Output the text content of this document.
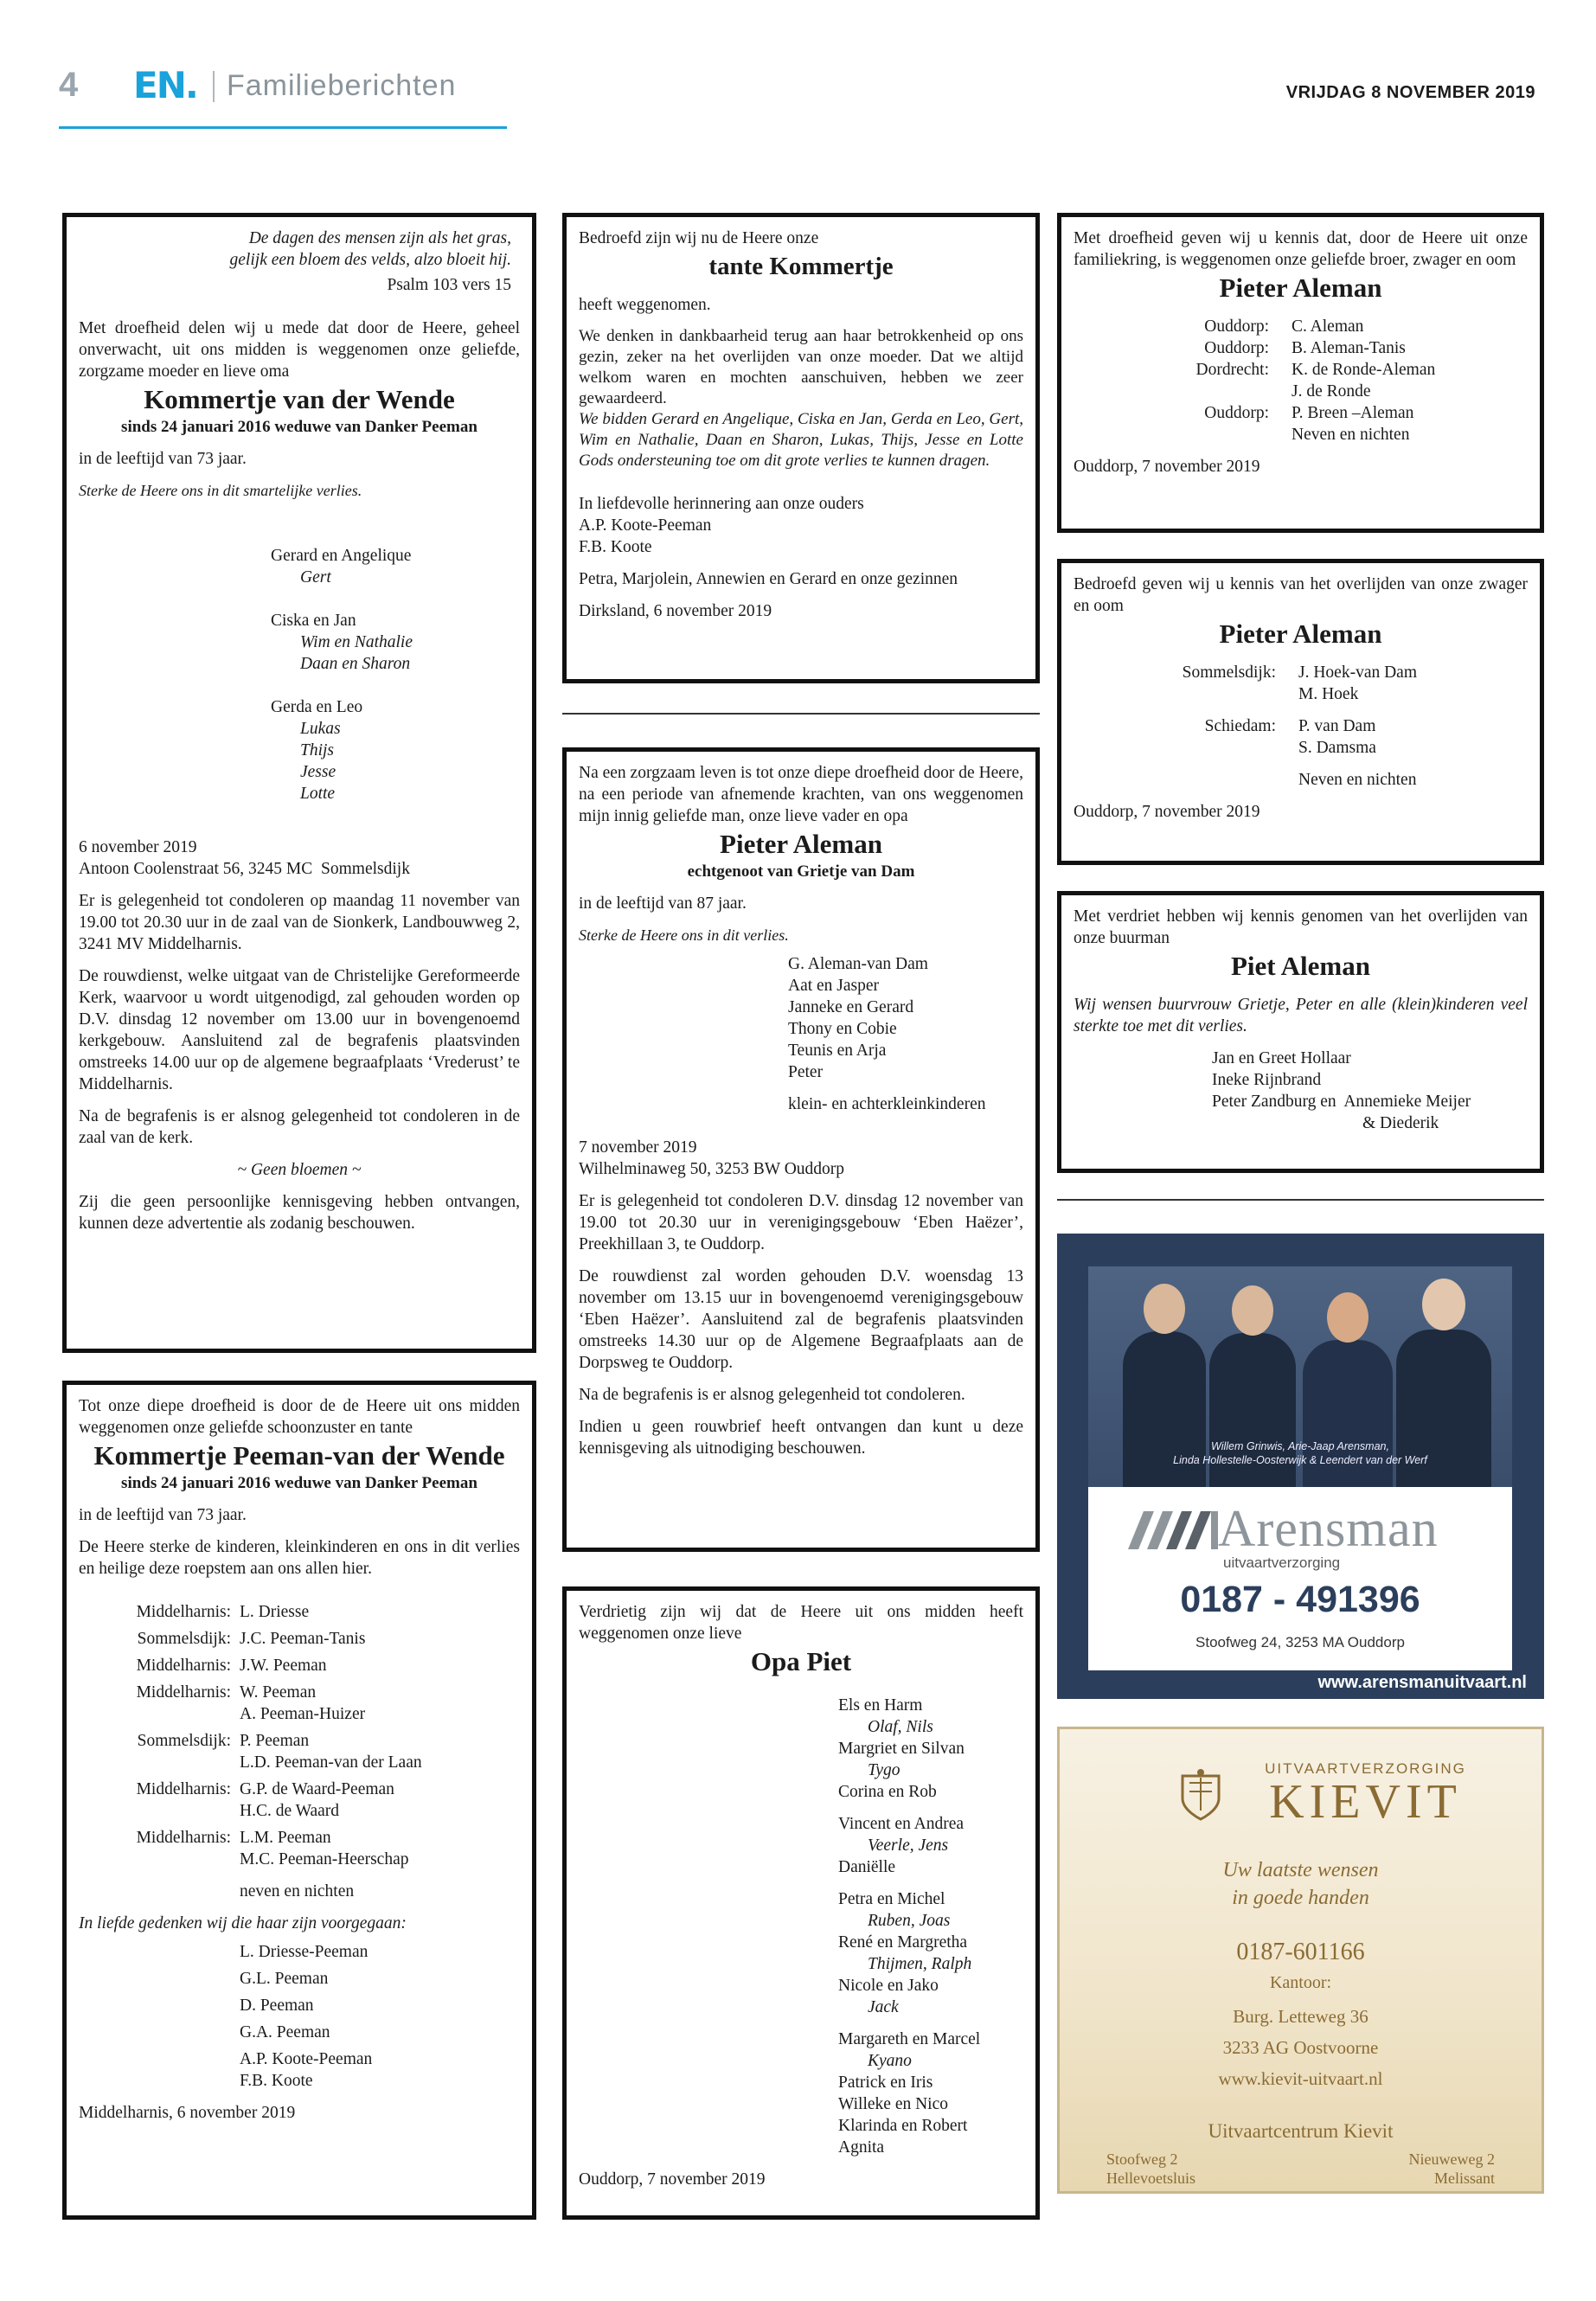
4 EN. Familieberichten	VRIJDAG 8 NOVEMBER 2019

De dagen des mensen zijn als het gras,

gelijk een bloem des velds, alzo bloeit hij.

Psalm 103 vers 15

Met droefheid delen wij u mede dat door de Heere, geheel onverwacht, uit ons midden is weggenomen onze geliefde, zorgzame moeder en lieve oma

Kommertje van der Wende

sinds 24 januari 2016 weduwe van Danker Peeman

in de leeftijd van 73 jaar.

Sterke de Heere ons in dit smartelijke verlies.

Gerard en Angelique

Gert

Ciska en Jan

Wim en Nathalie

Daan en Sharon

Gerda en Leo

Lukas

Thijs

Jesse

Lotte

6 november 2019

Antoon Coolenstraat 56, 3245 MC  Sommelsdijk

Er is gelegenheid tot condoleren op maandag 11 november van 19.00 tot 20.30 uur in de zaal van de Sionkerk, Landbouwweg 2, 3241 MV Middelharnis.

De rouwdienst, welke uitgaat van de Christelijke Gereformeerde Kerk, waarvoor u wordt uitgenodigd, zal gehouden worden op D.V. dinsdag 12 november om 13.00 uur in bovengenoemd kerkgebouw. Aansluitend zal de begrafenis plaatsvinden omstreeks 14.00 uur op de algemene begraafplaats ‘Vrederust’ te Middelharnis.

Na de begrafenis is er alsnog gelegenheid tot condoleren in de zaal van de kerk.

~ Geen bloemen ~

Zij die geen persoonlijke kennisgeving hebben ontvangen, kunnen deze advertentie als zodanig beschouwen.

Tot onze diepe droefheid is door de de Heere uit ons midden weggenomen onze geliefde schoonzuster en tante

Kommertje Peeman-van der Wende

sinds 24 januari 2016 weduwe van Danker Peeman

in de leeftijd van 73 jaar.

De Heere sterke de kinderen, kleinkinderen en ons in dit verlies en heilige deze roepstem aan ons allen hier.

Middelharnis: L. Driesse

Sommelsdijk: J.C. Peeman-Tanis

Middelharnis: J.W. Peeman

Middelharnis: W. Peeman
A. Peeman-Huizer

Sommelsdijk: P. Peeman
L.D. Peeman-van der Laan

Middelharnis: G.P. de Waard-Peeman
H.C. de Waard

Middelharnis: L.M. Peeman
M.C. Peeman-Heerschap

neven en nichten

In liefde gedenken wij die haar zijn voorgegaan:

L. Driesse-Peeman

G.L. Peeman

D. Peeman

G.A. Peeman

A.P. Koote-Peeman

F.B. Koote

Middelharnis, 6 november 2019

Bedroefd zijn wij nu de Heere onze

tante Kommertje

heeft weggenomen.

We denken in dankbaarheid terug aan haar betrokkenheid op ons gezin, zeker na het overlijden van onze moeder. Dat we altijd welkom waren en mochten aanschuiven, hebben we zeer gewaardeerd.

We bidden Gerard en Angelique, Ciska en Jan, Gerda en Leo, Gert, Wim en Nathalie, Daan en Sharon, Lukas, Thijs, Jesse en Lotte Gods ondersteuning toe om dit grote verlies te kunnen dragen.

In liefdevolle herinnering aan onze ouders

A.P. Koote-Peeman

F.B. Koote

Petra, Marjolein, Annewien en Gerard en onze gezinnen

Dirksland, 6 november 2019

Na een zorgzaam leven is tot onze diepe droefheid door de Heere, na een periode van afnemende krachten, van ons weggenomen mijn innig geliefde man, onze lieve vader en opa

Pieter Aleman

echtgenoot van Grietje van Dam

in de leeftijd van 87 jaar.

Sterke de Heere ons in dit verlies.

G. Aleman-van Dam

Aat en Jasper

Janneke en Gerard

Thony en Cobie

Teunis en Arja

Peter

klein- en achterkleinkinderen

7 november 2019

Wilhelminaweg 50, 3253 BW Ouddorp

Er is gelegenheid tot condoleren D.V. dinsdag 12 november van 19.00 tot 20.30 uur in verenigingsgebouw ‘Eben Haëzer’, Preekhillaan 3, te Ouddorp.

De rouwdienst zal worden gehouden D.V. woensdag 13 november om 13.15 uur in bovengenoemd verenigingsgebouw ‘Eben Haëzer’. Aansluitend zal de begrafenis plaatsvinden omstreeks 14.30 uur op de Algemene Begraafplaats aan de Dorpsweg te Ouddorp.

Na de begrafenis is er alsnog gelegenheid tot condoleren.

Indien u geen rouwbrief heeft ontvangen dan kunt u deze kennisgeving als uitnodiging beschouwen.

Verdrietig zijn wij dat de Heere uit ons midden heeft weggenomen onze lieve

Opa Piet

Els en Harm

Olaf, Nils

Margriet en Silvan

Tygo

Corina en Rob

Vincent en Andrea

Veerle, Jens

Daniëlle

Petra en Michel

Ruben, Joas

René en Margretha

Thijmen, Ralph

Nicole en Jako

Jack

Margareth en Marcel

Kyano

Patrick en Iris

Willeke en Nico

Klarinda en Robert

Agnita

Ouddorp, 7 november 2019

Met droefheid geven wij u kennis dat, door de Heere uit onze familiekring, is weggenomen onze geliefde broer, zwager en oom

Pieter Aleman

Ouddorp: C. Aleman

Ouddorp: B. Aleman-Tanis

Dordrecht: K. de Ronde-Aleman
J. de Ronde

Ouddorp: P. Breen –Aleman
Neven en nichten

Ouddorp, 7 november 2019

Bedroefd geven wij u kennis van het overlijden van onze zwager en oom

Pieter Aleman

Sommelsdijk: J. Hoek-van Dam
M. Hoek

Schiedam: P. van Dam
S. Damsma

Neven en nichten

Ouddorp, 7 november 2019

Met verdriet hebben wij kennis genomen van het overlijden van onze buurman

Piet Aleman

Wij wensen buurvrouw Grietje, Peter en alle (klein)kinderen veel sterkte toe met dit verlies.

Jan en Greet Hollaar

Ineke Rijnbrand

Peter Zandburg en  Annemieke Meijer

& Diederik

Willem Grinwis, Arie-Jaap Arensman,
Linda Hollestelle-Oosterwijk & Leendert van der Werf
Arensman
uitvaartverzorging
0187 - 491396
Stoofweg 24, 3253 MA Ouddorp
www.arensmanuitvaart.nl
UITVAARTVERZORGING
KIEVIT
Uw laatste wensen
in goede handen
0187-601166
Kantoor:
Burg. Letteweg 36
3233 AG Oostvoorne
www.kievit-uitvaart.nl
Uitvaartcentrum Kievit
Stoofweg 2
Hellevoetsluis
Nieuweweg 2
Melissant
